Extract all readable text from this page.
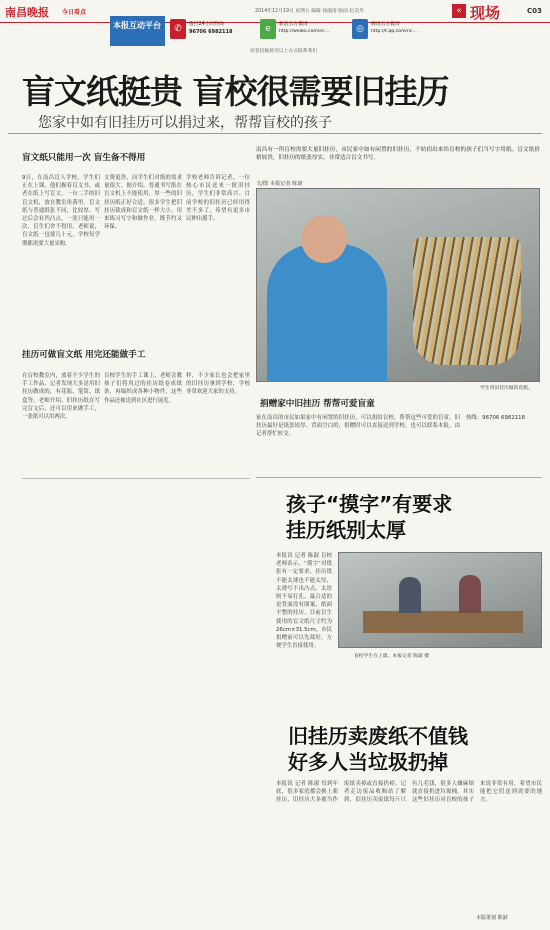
南昌晚报 今日看点	2014年12月19日 星期五 编辑 徐淑清 版面 赵美华	« 现场	C03
本报互动平台	✆	拨打24小时热线
96706 6982118	e	新浪官方微博
http://weibo.com/nc...	◎	腾讯官方微博
http://t.qq.com/nc...
读者投稿接受以上方式联系我们
盲文纸挺贵 盲校很需要旧挂历
您家中如有旧挂历可以捐过来，帮帮盲校的孩子
盲文纸只能用一次 盲生备不得用
9日，在南昌盲人学校，学生们正在上课，他们握着盲文书，或者在纸上写盲文。一台二手的旧盲文机，放在教室角落里。盲文纸与普通纸张不同，比较厚，写过后会有凹凸点，一张只能用一次，盲生们舍不得用。老师说，盲文纸一包要几十元，学校每学期都需要大量采购。
文费更贵，而学生们对纸的需求量很大。据介绍，普通书写纸在盲文机上不能使用，厚一些的旧挂历纸正好合适。很多学生把旧挂历裁成和盲文纸一样大小，用来练习写字和做作业，既节约又环保。
学校老师告诉记者，一位热心市民送来一批旧挂历，学生们非常高兴。目前学校的旧挂历已经用得差不多了，希望有更多市民伸出援手。
挂历可做盲文纸 用完还能做手工
在盲校教室内，放着不少学生的手工作品，记者发现大多是用旧挂历做成的，有花瓶、笔筒、纸盒等。老师介绍，旧挂历纸在写完盲文后，还可以用来做手工，一张纸可以用两次。
盲校学生的手工课上，老师会教孩子们将用过的挂历纸卷成纸条，再编织成各种小物件，这些作品还被送到社区进行展览。
样，不少家长也会把家里的旧挂历拿到学校，学校非常欢迎大家的支持。
南昌有一所盲校需要大量旧挂历，市民家中如有闲置的旧挂历，不妨捐出来给盲校的孩子们当写字用纸。盲文纸价格较贵，旧挂历的纸张厚实，非常适合盲文书写。
文/图 本报记者 陈淑
学生用旧挂历做的花瓶。
捐赠家中旧挂历 帮帮可爱盲童
家在南昌的市民如果家中有闲置的旧挂历，可以捐给盲校，帮帮这些可爱的盲童。旧挂历最好是纸张较厚、背面空白的，捐赠时可以直接送到学校，也可以联系本报，由记者帮忙转交。
热线：96706 6982118
孩子“摸字”有要求
挂历纸别太厚
本报讯 记者 陈淑 盲校老师表示，“摸字”对纸张有一定要求，挂历纸不能太薄也不能太厚，太薄写不出凸点，太厚则不易打孔。最合适的是背面没有图案、纸面平整的挂历。目前盲生使用的盲文纸尺寸约为26cm×31.5cm，市民捐赠前可以先裁好，方便学生直接使用。
盲校学生在上课。本报记者 陈淑 摄
旧挂历卖废纸不值钱
好多人当垃圾扔掉
本报讯 记者 陈淑 每到年底，很多家庭都会换上新挂历，旧挂历大多被当作废纸卖掉或直接扔掉。记者走访废品收购站了解到，旧挂历卖废纸每斤只有几毛钱，很多人嫌麻烦就直接扔进垃圾桶。其实这些旧挂历对盲校的孩子来说非常有用，希望市民能把它们送到需要的地方。
本版策划 陈淑
